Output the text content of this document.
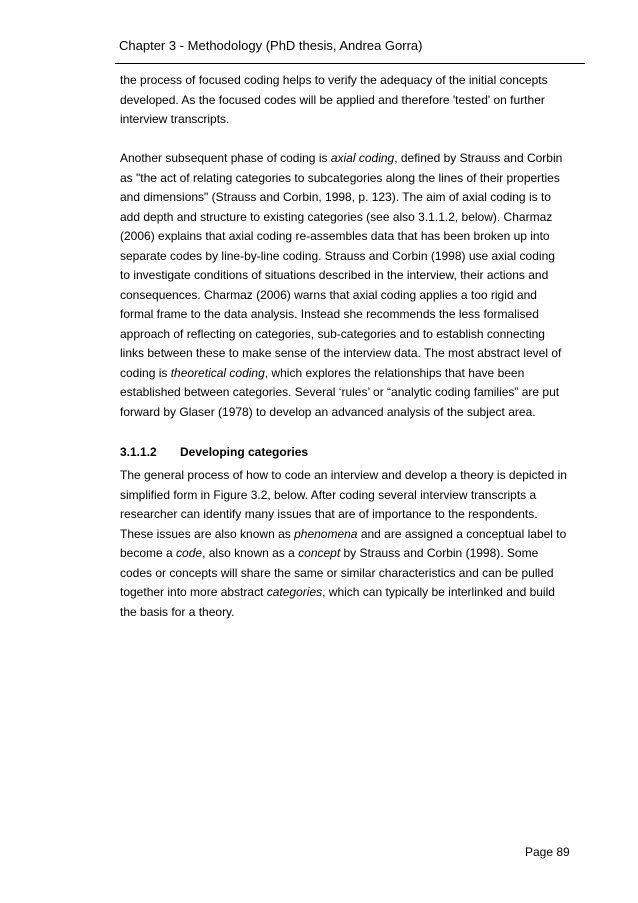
Chapter 3 - Methodology (PhD thesis, Andrea Gorra)
the process of focused coding helps to verify the adequacy of the initial concepts
developed. As the focused codes will be applied and therefore 'tested' on further
interview transcripts.
Another subsequent phase of coding is axial coding, defined by Strauss and Corbin
as "the act of relating categories to subcategories along the lines of their properties
and dimensions" (Strauss and Corbin, 1998, p. 123). The aim of axial coding is to
add depth and structure to existing categories (see also 3.1.1.2, below). Charmaz
(2006) explains that axial coding re-assembles data that has been broken up into
separate codes by line-by-line coding. Strauss and Corbin (1998) use axial coding
to investigate conditions of situations described in the interview, their actions and
consequences. Charmaz (2006) warns that axial coding applies a too rigid and
formal frame to the data analysis. Instead she recommends the less formalised
approach of reflecting on categories, sub-categories and to establish connecting
links between these to make sense of the interview data. The most abstract level of
coding is theoretical coding, which explores the relationships that have been
established between categories. Several ‘rules’ or “analytic coding families” are put
forward by Glaser (1978) to develop an advanced analysis of the subject area.
3.1.1.2 Developing categories
The general process of how to code an interview and develop a theory is depicted in
simplified form in Figure 3.2, below. After coding several interview transcripts a
researcher can identify many issues that are of importance to the respondents.
These issues are also known as phenomena and are assigned a conceptual label to
become a code, also known as a concept by Strauss and Corbin (1998). Some
codes or concepts will share the same or similar characteristics and can be pulled
together into more abstract categories, which can typically be interlinked and build
the basis for a theory.
Page 89
